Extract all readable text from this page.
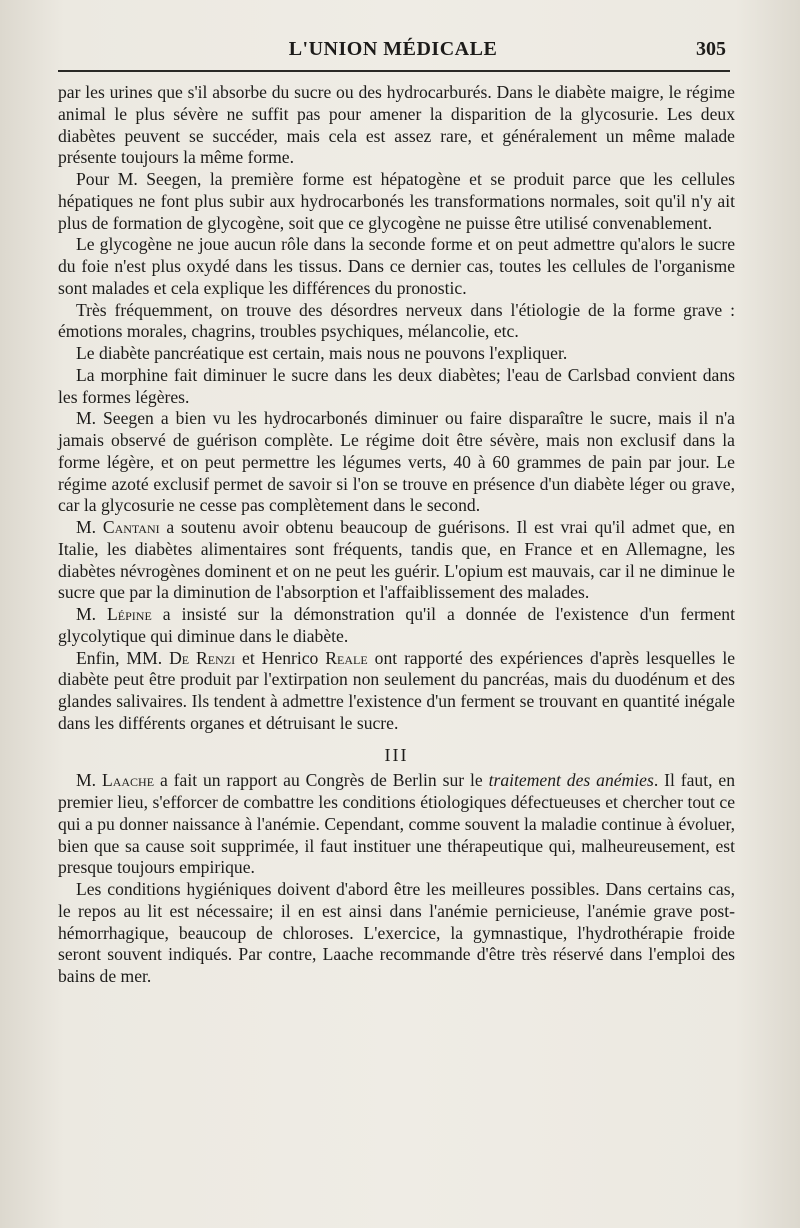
L'UNION MÉDICALE	305

par les urines que s'il absorbe du sucre ou des hydrocarburés. Dans le diabète maigre, le régime animal le plus sévère ne suffit pas pour amener la disparition de la glycosurie. Les deux diabètes peuvent se succéder, mais cela est assez rare, et généralement un même malade présente toujours la même forme.

Pour M. Seegen, la première forme est hépatogène et se produit parce que les cellules hépatiques ne font plus subir aux hydrocarbonés les transformations normales, soit qu'il n'y ait plus de formation de glycogène, soit que ce glycogène ne puisse être utilisé convenablement.

Le glycogène ne joue aucun rôle dans la seconde forme et on peut admettre qu'alors le sucre du foie n'est plus oxydé dans les tissus. Dans ce dernier cas, toutes les cellules de l'organisme sont malades et cela explique les différences du pronostic.

Très fréquemment, on trouve des désordres nerveux dans l'étiologie de la forme grave : émotions morales, chagrins, troubles psychiques, mélancolie, etc.

Le diabète pancréatique est certain, mais nous ne pouvons l'expliquer.

La morphine fait diminuer le sucre dans les deux diabètes; l'eau de Carlsbad convient dans les formes légères.

M. Seegen a bien vu les hydrocarbonés diminuer ou faire disparaître le sucre, mais il n'a jamais observé de guérison complète. Le régime doit être sévère, mais non exclusif dans la forme légère, et on peut permettre les légumes verts, 40 à 60 grammes de pain par jour. Le régime azoté exclusif permet de savoir si l'on se trouve en présence d'un diabète léger ou grave, car la glycosurie ne cesse pas complètement dans le second.

M. Cantani a soutenu avoir obtenu beaucoup de guérisons. Il est vrai qu'il admet que, en Italie, les diabètes alimentaires sont fréquents, tandis que, en France et en Allemagne, les diabètes névrogènes dominent et on ne peut les guérir. L'opium est mauvais, car il ne diminue le sucre que par la diminution de l'absorption et l'affaiblissement des malades.

M. Lépine a insisté sur la démonstration qu'il a donnée de l'existence d'un ferment glycolytique qui diminue dans le diabète.

Enfin, MM. De Renzi et Henrico Reale ont rapporté des expériences d'après lesquelles le diabète peut être produit par l'extirpation non seulement du pancréas, mais du duodénum et des glandes salivaires. Ils tendent à admettre l'existence d'un ferment se trouvant en quantité inégale dans les différents organes et détruisant le sucre.

III

M. Laache a fait un rapport au Congrès de Berlin sur le traitement des anémies. Il faut, en premier lieu, s'efforcer de combattre les conditions étiologiques défectueuses et chercher tout ce qui a pu donner naissance à l'anémie. Cependant, comme souvent la maladie continue à évoluer, bien que sa cause soit supprimée, il faut instituer une thérapeutique qui, malheureusement, est presque toujours empirique.

Les conditions hygiéniques doivent d'abord être les meilleures possibles. Dans certains cas, le repos au lit est nécessaire; il en est ainsi dans l'anémie pernicieuse, l'anémie grave post-hémorrhagique, beaucoup de chloroses. L'exercice, la gymnastique, l'hydrothérapie froide seront souvent indiqués. Par contre, Laache recommande d'être très réservé dans l'emploi des bains de mer.
